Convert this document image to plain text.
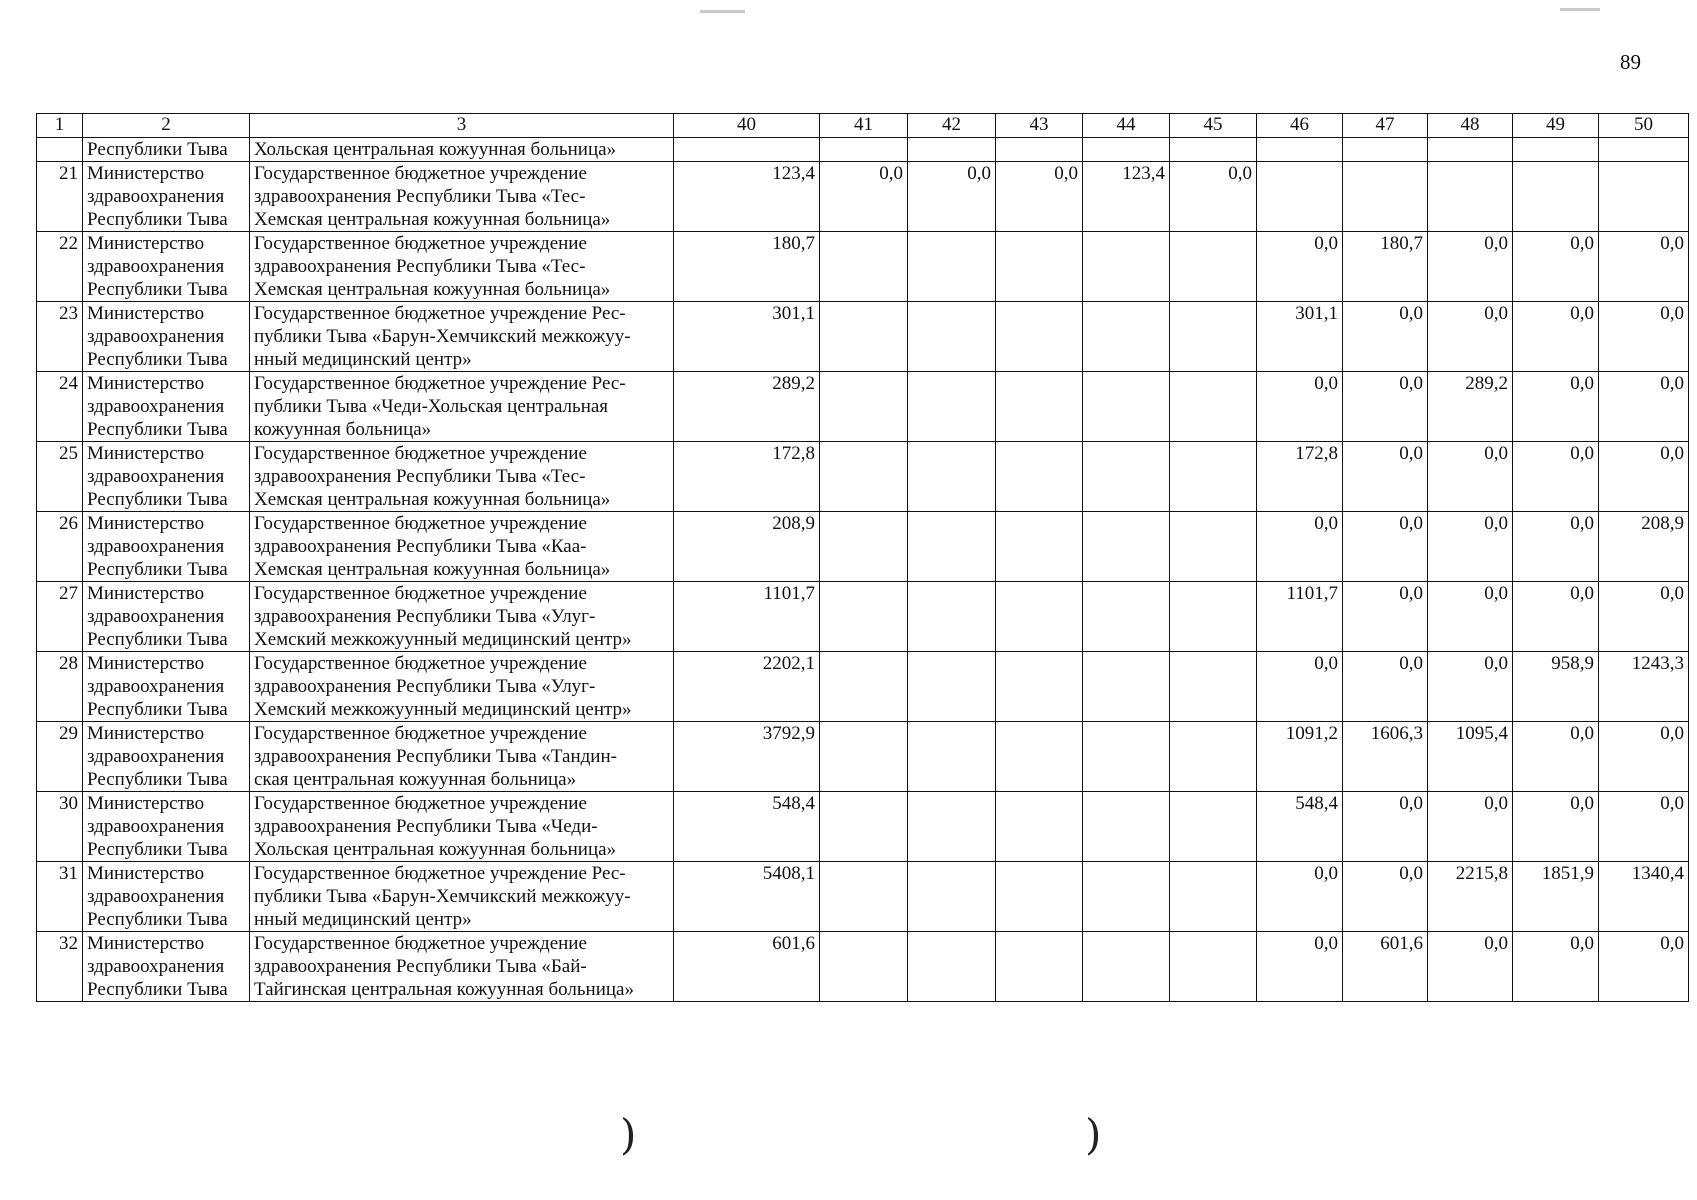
89
1	2	3	40	41	42	43	44	45	46	47	48	49	50
	Республики Тыва	Хольская центральная кожуунная больница»											
21	Министерство
здравоохранения
Республики Тыва	Государственное бюджетное учреждение
здравоохранения Республики Тыва «Тес-
Хемская центральная кожуунная больница»	123,4	0,0	0,0	0,0	123,4	0,0					
22	Министерство
здравоохранения
Республики Тыва	Государственное бюджетное учреждение
здравоохранения Республики Тыва «Тес-
Хемская центральная кожуунная больница»	180,7						0,0	180,7	0,0	0,0	0,0
23	Министерство
здравоохранения
Республики Тыва	Государственное бюджетное учреждение Рес-
публики Тыва «Барун-Хемчикский межкожуу-
нный медицинский центр»	301,1						301,1	0,0	0,0	0,0	0,0
24	Министерство
здравоохранения
Республики Тыва	Государственное бюджетное учреждение Рес-
публики Тыва «Чеди-Хольская центральная
кожуунная больница»	289,2						0,0	0,0	289,2	0,0	0,0
25	Министерство
здравоохранения
Республики Тыва	Государственное бюджетное учреждение
здравоохранения Республики Тыва «Тес-
Хемская центральная кожуунная больница»	172,8						172,8	0,0	0,0	0,0	0,0
26	Министерство
здравоохранения
Республики Тыва	Государственное бюджетное учреждение
здравоохранения Республики Тыва «Каа-
Хемская центральная кожуунная больница»	208,9						0,0	0,0	0,0	0,0	208,9
27	Министерство
здравоохранения
Республики Тыва	Государственное бюджетное учреждение
здравоохранения Республики Тыва «Улуг-
Хемский межкожуунный медицинский центр»	1101,7						1101,7	0,0	0,0	0,0	0,0
28	Министерство
здравоохранения
Республики Тыва	Государственное бюджетное учреждение
здравоохранения Республики Тыва «Улуг-
Хемский межкожуунный медицинский центр»	2202,1						0,0	0,0	0,0	958,9	1243,3
29	Министерство
здравоохранения
Республики Тыва	Государственное бюджетное учреждение
здравоохранения Республики Тыва «Тандин-
ская центральная кожуунная больница»	3792,9						1091,2	1606,3	1095,4	0,0	0,0
30	Министерство
здравоохранения
Республики Тыва	Государственное бюджетное учреждение
здравоохранения Республики Тыва «Чеди-
Хольская центральная кожуунная больница»	548,4						548,4	0,0	0,0	0,0	0,0
31	Министерство
здравоохранения
Республики Тыва	Государственное бюджетное учреждение Рес-
публики Тыва «Барун-Хемчикский межкожуу-
нный медицинский центр»	5408,1						0,0	0,0	2215,8	1851,9	1340,4
32	Министерство
здравоохранения
Республики Тыва	Государственное бюджетное учреждение
здравоохранения Республики Тыва «Бай-
Тайгинская центральная кожуунная больница»	601,6						0,0	601,6	0,0	0,0	0,0
)	)
